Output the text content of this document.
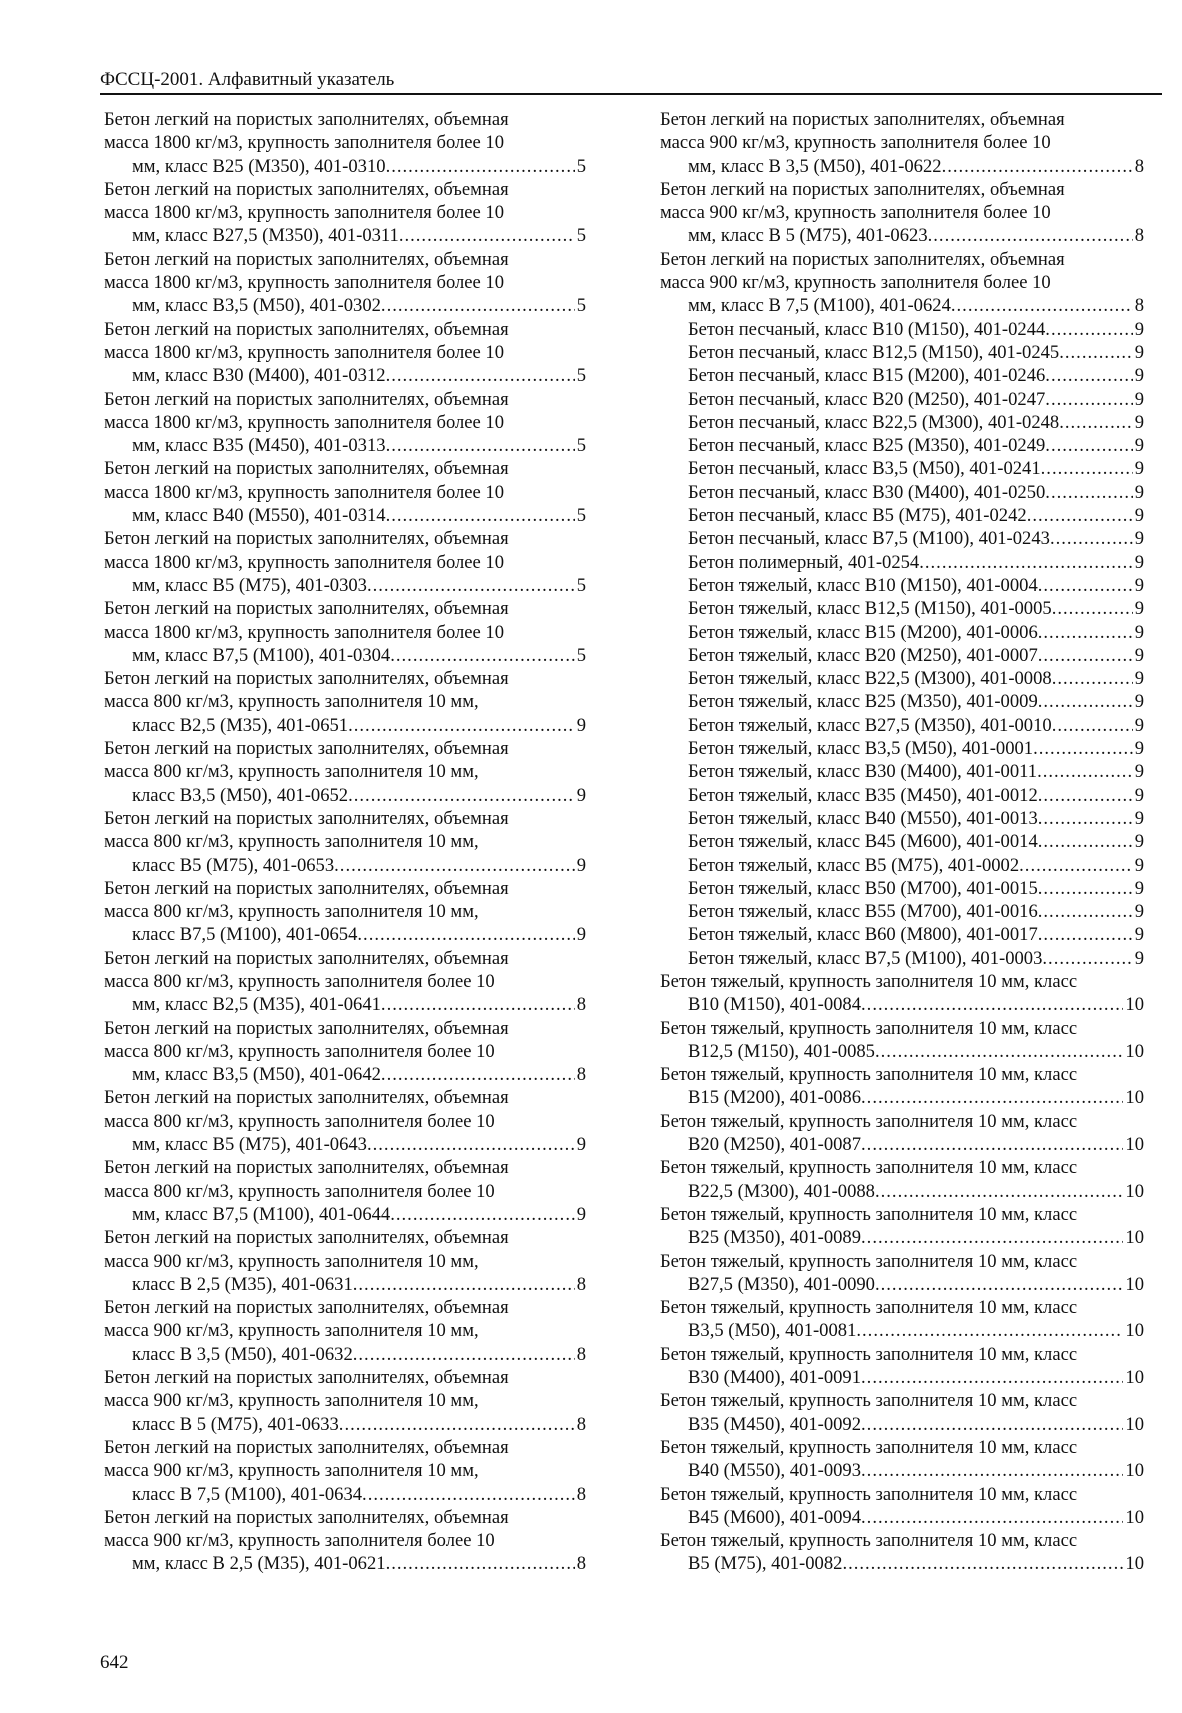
ФССЦ-2001. Алфавитный указатель
Бетон легкий на пористых заполнителях, объемная
масса 1800 кг/м3, крупность заполнителя более 10
мм, класс В25 (М350), 401-0310 .....	5
Бетон легкий на пористых заполнителях, объемная
масса 1800 кг/м3, крупность заполнителя более 10
мм, класс В27,5 (М350), 401-0311 .....	5
Бетон легкий на пористых заполнителях, объемная
масса 1800 кг/м3, крупность заполнителя более 10
мм, класс В3,5 (М50), 401-0302 .....	5
Бетон легкий на пористых заполнителях, объемная
масса 1800 кг/м3, крупность заполнителя более 10
мм, класс В30 (М400), 401-0312 .....	5
Бетон легкий на пористых заполнителях, объемная
масса 1800 кг/м3, крупность заполнителя более 10
мм, класс В35 (М450), 401-0313 .....	5
Бетон легкий на пористых заполнителях, объемная
масса 1800 кг/м3, крупность заполнителя более 10
мм, класс В40 (М550), 401-0314 .....	5
Бетон легкий на пористых заполнителях, объемная
масса 1800 кг/м3, крупность заполнителя более 10
мм, класс В5 (М75), 401-0303 .....	5
Бетон легкий на пористых заполнителях, объемная
масса 1800 кг/м3, крупность заполнителя более 10
мм, класс В7,5 (М100), 401-0304 .....	5
Бетон легкий на пористых заполнителях, объемная
масса 800 кг/м3, крупность заполнителя 10 мм,
класс В2,5 (М35), 401-0651 .....	9
Бетон легкий на пористых заполнителях, объемная
масса 800 кг/м3, крупность заполнителя 10 мм,
класс В3,5 (М50), 401-0652 .....	9
Бетон легкий на пористых заполнителях, объемная
масса 800 кг/м3, крупность заполнителя 10 мм,
класс В5 (М75), 401-0653 .....	9
Бетон легкий на пористых заполнителях, объемная
масса 800 кг/м3, крупность заполнителя 10 мм,
класс В7,5 (М100), 401-0654 .....	9
Бетон легкий на пористых заполнителях, объемная
масса 800 кг/м3, крупность заполнителя более 10
мм, класс В2,5 (М35), 401-0641 .....	8
Бетон легкий на пористых заполнителях, объемная
масса 800 кг/м3, крупность заполнителя более 10
мм, класс В3,5 (М50), 401-0642 .....	8
Бетон легкий на пористых заполнителях, объемная
масса 800 кг/м3, крупность заполнителя более 10
мм, класс В5 (М75), 401-0643 .....	9
Бетон легкий на пористых заполнителях, объемная
масса 800 кг/м3, крупность заполнителя более 10
мм, класс В7,5 (М100), 401-0644 .....	9
Бетон легкий на пористых заполнителях, объемная
масса 900 кг/м3, крупность заполнителя 10 мм,
класс В 2,5 (М35), 401-0631 .....	8
Бетон легкий на пористых заполнителях, объемная
масса 900 кг/м3, крупность заполнителя 10 мм,
класс В 3,5 (М50), 401-0632 .....	8
Бетон легкий на пористых заполнителях, объемная
масса 900 кг/м3, крупность заполнителя 10 мм,
класс В 5 (М75), 401-0633 .....	8
Бетон легкий на пористых заполнителях, объемная
масса 900 кг/м3, крупность заполнителя 10 мм,
класс В 7,5 (М100), 401-0634 .....	8
Бетон легкий на пористых заполнителях, объемная
масса 900 кг/м3, крупность заполнителя более 10
мм, класс В 2,5 (М35), 401-0621 .....	8
Бетон легкий на пористых заполнителях, объемная
масса 900 кг/м3, крупность заполнителя более 10
мм, класс В 3,5 (М50), 401-0622 .....	8
Бетон легкий на пористых заполнителях, объемная
масса 900 кг/м3, крупность заполнителя более 10
мм, класс В 5 (М75), 401-0623 .....	8
Бетон легкий на пористых заполнителях, объемная
масса 900 кг/м3, крупность заполнителя более 10
мм, класс В 7,5 (М100), 401-0624 .....	8
Бетон песчаный, класс В10 (М150), 401-0244 .....	9
Бетон песчаный, класс В12,5 (М150), 401-0245 .....	9
Бетон песчаный, класс В15 (М200), 401-0246 .....	9
Бетон песчаный, класс В20 (М250), 401-0247 .....	9
Бетон песчаный, класс В22,5 (М300), 401-0248 .....	9
Бетон песчаный, класс В25 (М350), 401-0249 .....	9
Бетон песчаный, класс В3,5 (М50), 401-0241 .....	9
Бетон песчаный, класс В30 (М400), 401-0250 .....	9
Бетон песчаный, класс В5 (М75), 401-0242 .....	9
Бетон песчаный, класс В7,5 (М100), 401-0243 .....	9
Бетон полимерный, 401-0254 .....	9
Бетон тяжелый, класс В10 (М150), 401-0004 .....	9
Бетон тяжелый, класс В12,5 (М150), 401-0005 .....	9
Бетон тяжелый, класс В15 (М200), 401-0006 .....	9
Бетон тяжелый, класс В20 (М250), 401-0007 .....	9
Бетон тяжелый, класс В22,5 (М300), 401-0008 .....	9
Бетон тяжелый, класс В25 (М350), 401-0009 .....	9
Бетон тяжелый, класс В27,5 (М350), 401-0010 .....	9
Бетон тяжелый, класс В3,5 (М50), 401-0001 .....	9
Бетон тяжелый, класс В30 (М400), 401-0011 .....	9
Бетон тяжелый, класс В35 (М450), 401-0012 .....	9
Бетон тяжелый, класс В40 (М550), 401-0013 .....	9
Бетон тяжелый, класс В45 (М600), 401-0014 .....	9
Бетон тяжелый, класс В5 (М75), 401-0002 .....	9
Бетон тяжелый, класс В50 (М700), 401-0015 .....	9
Бетон тяжелый, класс В55 (М700), 401-0016 .....	9
Бетон тяжелый, класс В60 (М800), 401-0017 .....	9
Бетон тяжелый, класс В7,5 (М100), 401-0003 .....	9
Бетон тяжелый, крупность заполнителя 10 мм, класс
В10 (М150), 401-0084 .....	10
Бетон тяжелый, крупность заполнителя 10 мм, класс
В12,5 (М150), 401-0085 .....	10
Бетон тяжелый, крупность заполнителя 10 мм, класс
В15 (М200), 401-0086 .....	10
Бетон тяжелый, крупность заполнителя 10 мм, класс
В20 (М250), 401-0087 .....	10
Бетон тяжелый, крупность заполнителя 10 мм, класс
В22,5 (М300), 401-0088 .....	10
Бетон тяжелый, крупность заполнителя 10 мм, класс
В25 (М350), 401-0089 .....	10
Бетон тяжелый, крупность заполнителя 10 мм, класс
В27,5 (М350), 401-0090 .....	10
Бетон тяжелый, крупность заполнителя 10 мм, класс
В3,5 (М50), 401-0081 .....	10
Бетон тяжелый, крупность заполнителя 10 мм, класс
В30 (М400), 401-0091 .....	10
Бетон тяжелый, крупность заполнителя 10 мм, класс
В35 (М450), 401-0092 .....	10
Бетон тяжелый, крупность заполнителя 10 мм, класс
В40 (М550), 401-0093 .....	10
Бетон тяжелый, крупность заполнителя 10 мм, класс
В45 (М600), 401-0094 .....	10
Бетон тяжелый, крупность заполнителя 10 мм, класс
В5 (М75), 401-0082 .....	10
642
